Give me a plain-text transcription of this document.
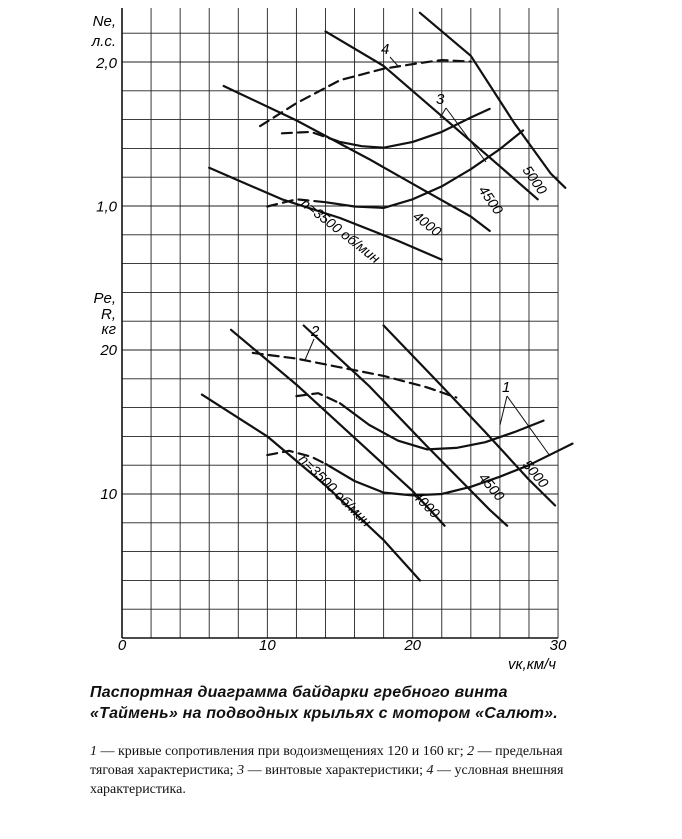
1,0
2,0
10
20
0	10	20	30
Ne,
л.с.
Pe,
R,
кг
vк,км/ч
n=3500 об/мин 4000
4500
5000
n=3500 об/мин	4000
4500 5000
4
3
2
1
Паспортная диаграмма байдарки гребного винта «Таймень» на подводных крыльях с мотором «Салют».
1 — кривые сопротивления при водоизмещениях 120 и 160 кг; 2 — предельная тяговая характеристика; 3 — винтовые характеристики; 4 — условная внешняя характеристика.
